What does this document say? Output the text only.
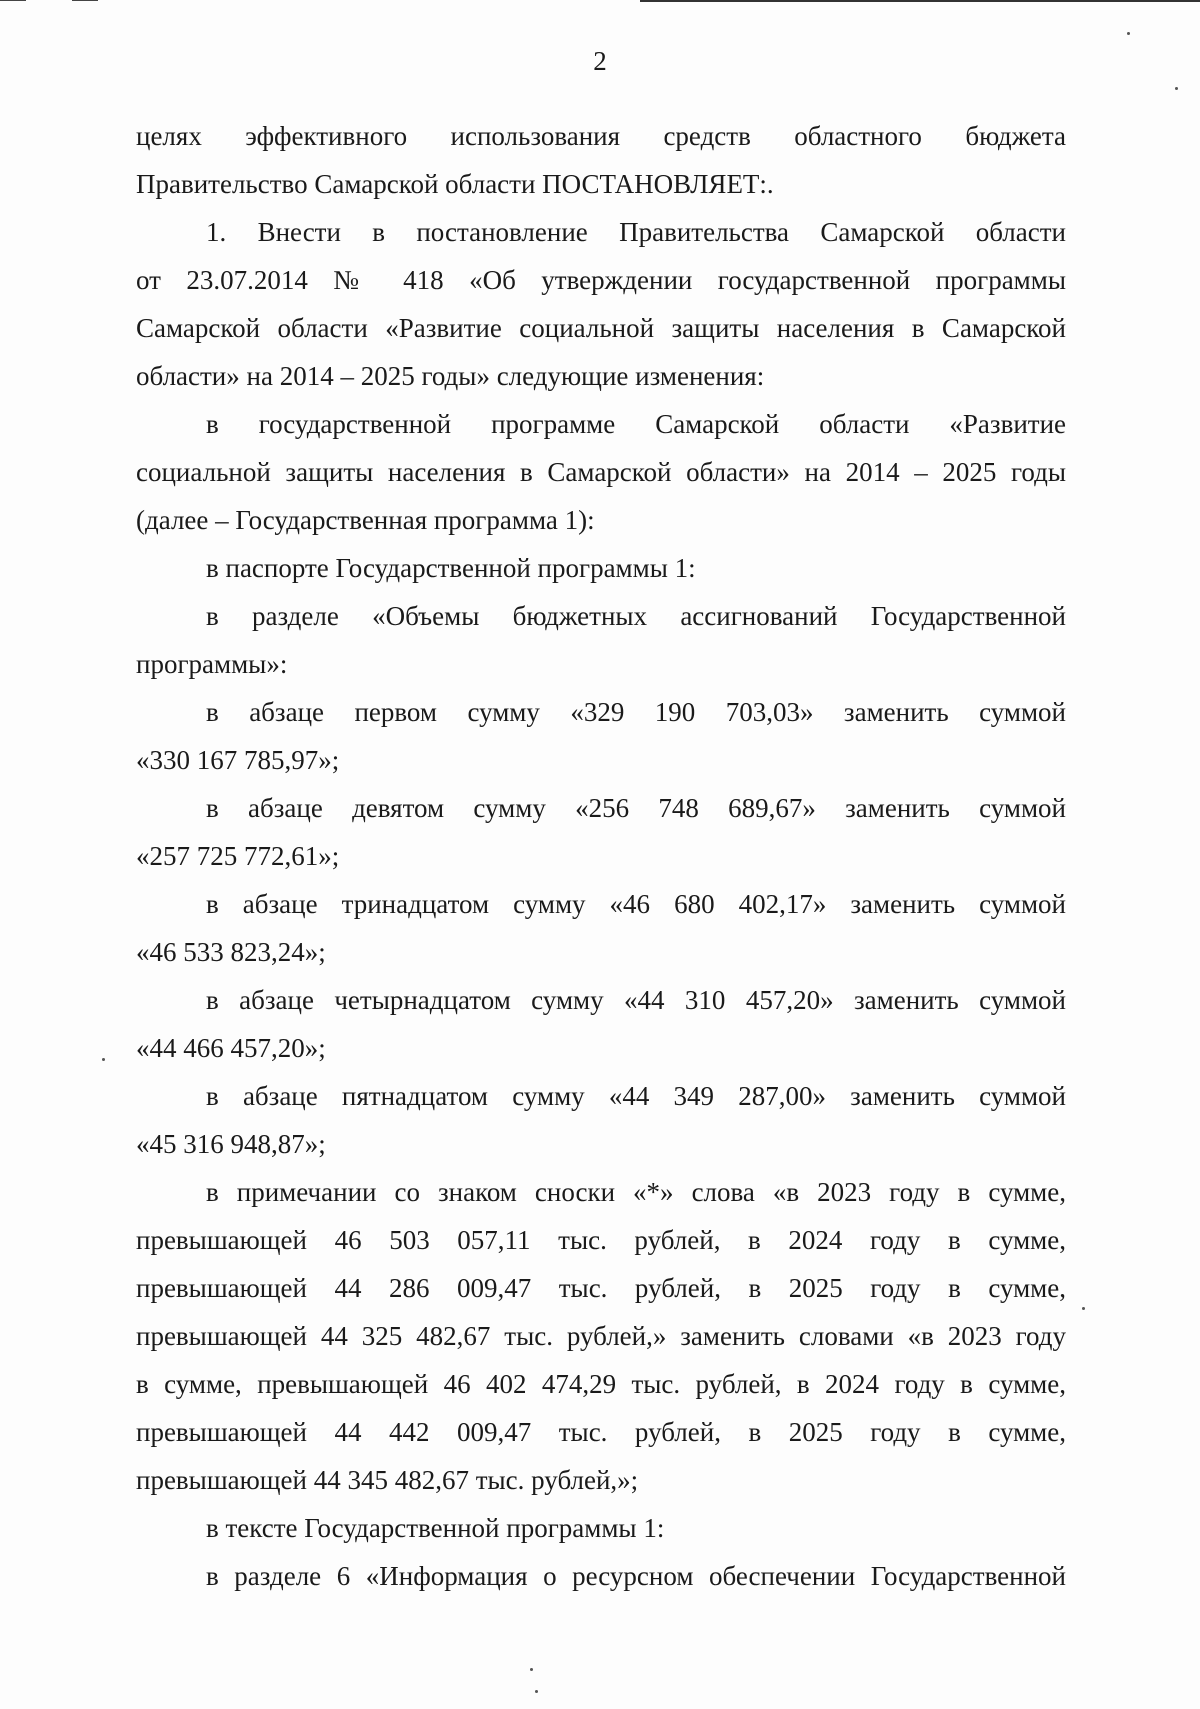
2
целях эффективного использования средств областного бюджета
Правительство Самарской области ПОСТАНОВЛЯЕТ:.
1. Внести в постановление Правительства Самарской области
от 23.07.2014 № 418 «Об утверждении государственной программы
Самарской области «Развитие социальной защиты населения в Самарской
области» на 2014 – 2025 годы» следующие изменения:
в государственной программе Самарской области «Развитие
социальной защиты населения в Самарской области» на 2014 – 2025 годы
(далее – Государственная программа 1):
в паспорте Государственной программы 1:
в разделе «Объемы бюджетных ассигнований Государственной
программы»:
в абзаце первом сумму «329 190 703,03» заменить суммой
«330 167 785,97»;
в абзаце девятом сумму «256 748 689,67» заменить суммой
«257 725 772,61»;
в абзаце тринадцатом сумму «46 680 402,17» заменить суммой
«46 533 823,24»;
в абзаце четырнадцатом сумму «44 310 457,20» заменить суммой
«44 466 457,20»;
в абзаце пятнадцатом сумму «44 349 287,00» заменить суммой
«45 316 948,87»;
в примечании со знаком сноски «*» слова «в 2023 году в сумме,
превышающей 46 503 057,11 тыс. рублей, в 2024 году в сумме,
превышающей 44 286 009,47 тыс. рублей, в 2025 году в сумме,
превышающей 44 325 482,67 тыс. рублей,» заменить словами «в 2023 году
в сумме, превышающей 46 402 474,29 тыс. рублей, в 2024 году в сумме,
превышающей 44 442 009,47 тыс. рублей, в 2025 году в сумме,
превышающей 44 345 482,67 тыс. рублей,»;
в тексте Государственной программы 1:
в разделе 6 «Информация о ресурсном обеспечении Государственной
